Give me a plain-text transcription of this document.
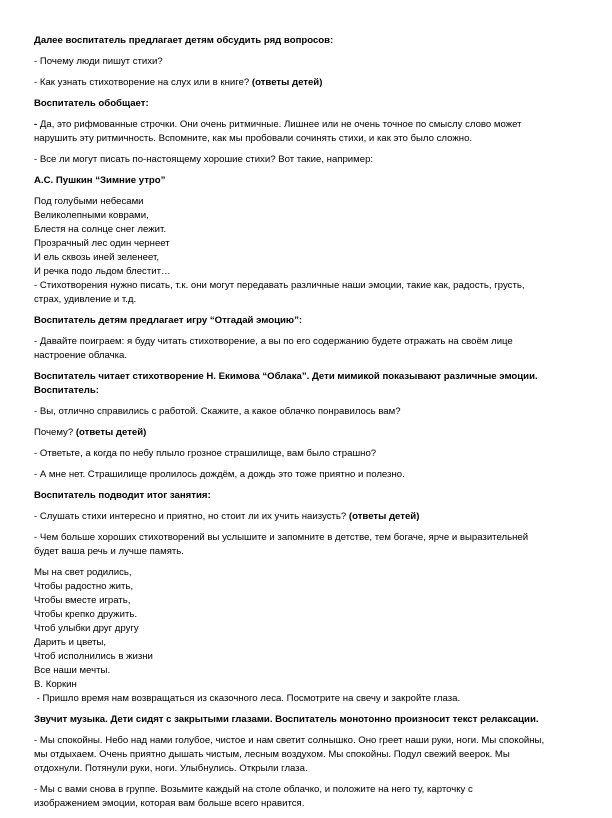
Далее воспитатель предлагает детям обсудить ряд вопросов:

- Почему люди пишут стихи?

- Как узнать стихотворение на слух или в книге? (ответы детей)

Воспитатель обобщает:

- Да, это рифмованные строчки. Они очень ритмичные. Лишнее или не очень точное по смыслу слово может

нарушить эту ритмичность. Вспомните, как мы пробовали сочинять стихи, и как это было сложно.

- Все ли могут писать по-настоящему хорошие стихи? Вот такие, например:

А.С. Пушкин “Зимние утро”

Под голубыми небесами

Великолепными коврами,

Блестя на солнце снег лежит.

Прозрачный лес один чернеет

И ель сквозь иней зеленеет,

И речка подо льдом блестит…

- Стихотворения нужно писать, т.к. они могут передавать различные наши эмоции, такие как, радость, грусть,

страх, удивление и т.д.

Воспитатель детям предлагает игру “Отгадай эмоцию”:

- Давайте поиграем: я буду читать стихотворение, а вы по его содержанию будете отражать на своём лице

настроение облачка.

Воспитатель читает стихотворение Н. Екимова “Облака”. Дети мимикой показывают различные эмоции.

Воспитатель:

- Вы, отлично справились с работой. Скажите, а какое облачко понравилось вам?

Почему? (ответы детей)

- Ответьте, а когда по небу плыло грозное страшилище, вам было страшно?

- А мне нет. Страшилище пролилось дождём, а дождь это тоже приятно и полезно.

Воспитатель подводит итог занятия:

- Слушать стихи интересно и приятно, но стоит ли их учить наизусть? (ответы детей)

- Чем больше хороших стихотворений вы услышите и запомните в детстве, тем богаче, ярче и выразительней

будет ваша речь и лучше память.

Мы на свет родились,

Чтобы радостно жить,

Чтобы вместе играть,

Чтобы крепко дружить.

Чтоб улыбки друг другу

Дарить и цветы,

Чтоб исполнились в жизни

Все наши мечты.

В. Коркин

- Пришло время нам возвращаться из сказочного леса. Посмотрите на свечу и закройте глаза.

Звучит музыка. Дети сидят с закрытыми глазами. Воспитатель монотонно произносит текст релаксации.

- Мы спокойны. Небо над нами голубое, чистое и нам светит солнышко. Оно греет наши руки, ноги. Мы спокойны,

мы отдыхаем. Очень приятно дышать чистым, лесным воздухом. Мы спокойны. Подул свежий веерок. Мы

отдохнули. Потянули руки, ноги. Улыбнулись. Открыли глаза.

- Мы с вами снова в группе. Возьмите каждый на столе облачко, и положите на него ту, карточку с

изображением эмоции, которая вам больше всего нравится.
